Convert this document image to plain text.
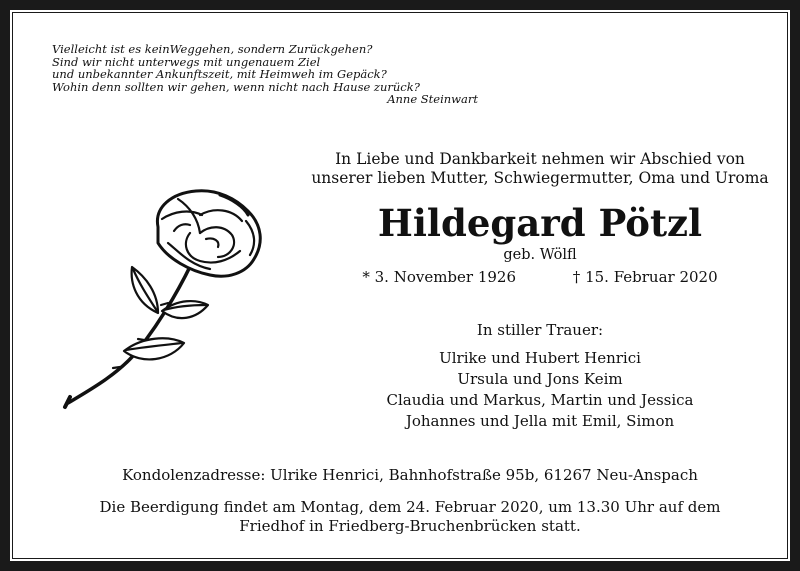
Vielleicht ist es keinWeggehen, sondern Zurückgehen?
Sind wir nicht unterwegs mit ungenauem Ziel
und unbekannter Ankunftszeit, mit Heimweh im Gepäck?
Wohin denn sollten wir gehen, wenn nicht nach Hause zurück?
Anne Steinwart
In Liebe und Dankbarkeit nehmen wir Abschied von
unserer lieben Mutter, Schwiegermutter, Oma und Uroma
Hildegard Pötzl
geb. Wölfl
* 3. November 1926	† 15. Februar 2020
In stiller Trauer:
Ulrike und Hubert Henrici
Ursula und Jons Keim
Claudia und Markus, Martin und Jessica
Johannes und Jella mit Emil, Simon
Kondolenzadresse: Ulrike Henrici, Bahnhofstraße 95b, 61267 Neu-Anspach
Die Beerdigung findet am Montag, dem 24. Februar 2020, um 13.30 Uhr auf dem
Friedhof in Friedberg-Bruchenbrücken statt.
